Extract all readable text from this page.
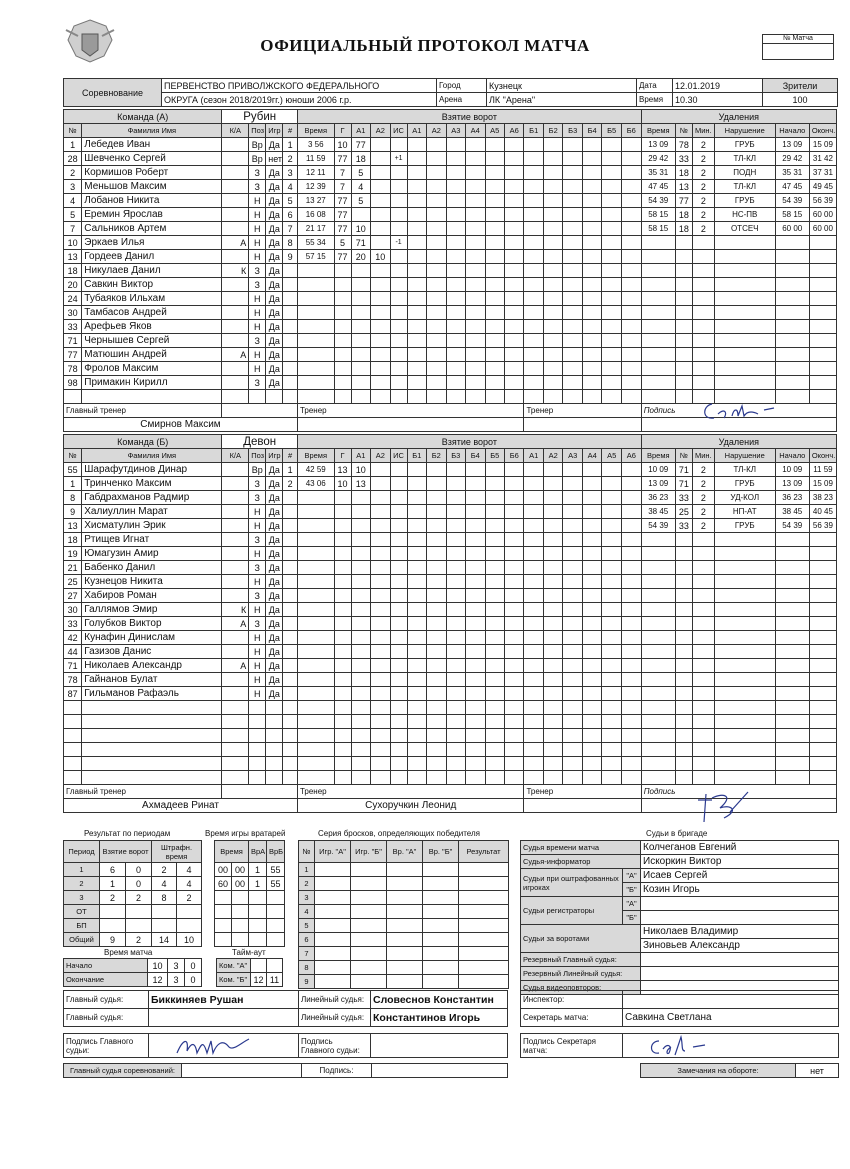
ОФИЦИАЛЬНЫЙ ПРОТОКОЛ МАТЧА	№ Матча
Соревнование	ПЕРВЕНСТВО ПРИВОЛЖСКОГО ФЕДЕРАЛЬНОГО	Город	Кузнецк	Дата	12.01.2019	Зрители
	ОКРУГА (сезон 2018/2019гг.) юноши 2006 г.р.	Арена	ЛК "Арена"	Время	10.30	100
Команда (А)		Рубин				Взятие ворот																	Удаления					
№	Фамилия Имя	К/А	Поз	Игр	#	Время	Г	А1	А2	ИС	А1	А2	А3	А4	А5	А6	Б1	Б2	Б3	Б4	Б5	Б6	Время	№	Мин.	Нарушение	Начало	Оконч.
1	Лебедев Иван		Вр	Да	1	3 56	10	77															13 09	78	2	ГРУБ	13 09	15 09
28	Шевченко Сергей		Вр	нет	2	11 59	77	18		+1													29 42	33	2	ТЛ-КЛ	29 42	31 42
2	Кормишов Роберт		З	Да	3	12 11	7	5															35 31	18	2	ПОДН	35 31	37 31
3	Меньшов Максим		З	Да	4	12 39	7	4															47 45	13	2	ТЛ-КЛ	47 45	49 45
4	Лобанов Никита		Н	Да	5	13 27	77	5															54 39	77	2	ГРУБ	54 39	56 39
5	Еремин Ярослав		Н	Да	6	16 08	77																58 15	18	2	НС-ПВ	58 15	60 00
7	Сальников Артем		Н	Да	7	21 17	77	10															58 15	18	2	ОТСЕЧ	60 00	60 00
10	Эркаев Илья	А	Н	Да	8	55 34	5	71		-1																		
13	Гордеев Данил		Н	Да	9	57 15	77	20	10																			
18	Никулаев Данил	К	З	Да																								
20	Савкин Виктор		З	Да																								
24	Тубаяков Ильхам		Н	Да																								
30	Тамбасов Андрей		Н	Да																								
33	Арефьев Яков		Н	Да																								
71	Чернышев Сергей		З	Да																								
77	Матюшин Андрей	А	Н	Да																								
78	Фролов Максим		Н	Да																								
98	Примакин Кирилл		З	Да																								

Главный тренер						Тренер											Тренер						Подпись					
Смирнов Максим																												
Команда (Б)		Девон				Взятие ворот																	Удаления					
№	Фамилия Имя	К/А	Поз	Игр	#	Время	Г	А1	А2	ИС	Б1	Б2	Б3	Б4	Б5	Б6	А1	А2	А3	А4	А5	А6	Время	№	Мин.	Нарушение	Начало	Оконч.
55	Шарафутдинов Динар		Вр	Да	1	42 59	13	10															10 09	71	2	ТЛ-КЛ	10 09	11 59
1	Тринченко Максим		З	Да	2	43 06	10	13															13 09	71	2	ГРУБ	13 09	15 09
8	Габдрахманов Радмир		З	Да																			36 23	33	2	УД-КОЛ	36 23	38 23
9	Халиуллин Марат		Н	Да																			38 45	25	2	НП-АТ	38 45	40 45
13	Хисматулин Эрик		Н	Да																			54 39	33	2	ГРУБ	54 39	56 39
18	Ртищев Игнат		З	Да																								
19	Юмагузин Амир		Н	Да																								
21	Бабенко Данил		З	Да																								
25	Кузнецов Никита		Н	Да																								
27	Хабиров Роман		З	Да																								
30	Галлямов Эмир	К	Н	Да																								
33	Голубков Виктор	А	З	Да																								
42	Кунафин Динислам		Н	Да																								
44	Газизов Данис		Н	Да																								
71	Николаев Александр	А	Н	Да																								
78	Гайнанов Булат		Н	Да																								
87	Гильманов Рафаэль		Н	Да																								

Главный тренер						Тренер											Тренер						Подпись					
Ахмадеев Ринат						Сухоручкин Леонид																						
Результат по периодам
Период	Взятие ворот		Штрафн. время	
1	6	0	2	4
2	1	0	4	4
3	2	2	8	2
ОТ				
БП				
Общий	9	2	14	10
Время игры вратарей
Время		ВрА	ВрБ
00	00	1	55
60	00	1	55

Время матча	Тайм-аут
Начало	10	3	0
Окончание	12	3	0
Ком. "А"		
Ком. "Б"	12	11
Серия бросков, определяющих победителя
№	Игр. "А"	Игр. "Б"	Вр. "А"	Вр. "Б"	Результат
1					
2					
3					
4					
5					
6					
7					
8					
9					
Судьи в бригаде
Судья времени матча		Колчеганов Евгений
Судья-информатор		Искоркин Виктор
Судьи при оштрафованных игроках	"А"	Исаев Сергей
	"Б"	Козин Игорь
Судьи регистраторы	"А"	
	"Б"	
Судьи за воротами		Николаев Владимир
		Зиновьев Александр
Резервный Главный судья:		
Резервный Линейный судья:		
Судья видеоповторов:		
Главный судья:	Биккиняев Рушан	Линейный судья:	Словеснов Константин
Главный судья:		Линейный судья:	Константинов Игорь
Инспектор:	
Секретарь матча:	Савкина Светлана
Подпись Главного судьи:	
	Подпись Главного судьи:	
Подпись Секретаря матча:	
Главный судья соревнований:		Подпись:		Замечания на обороте:	нет
